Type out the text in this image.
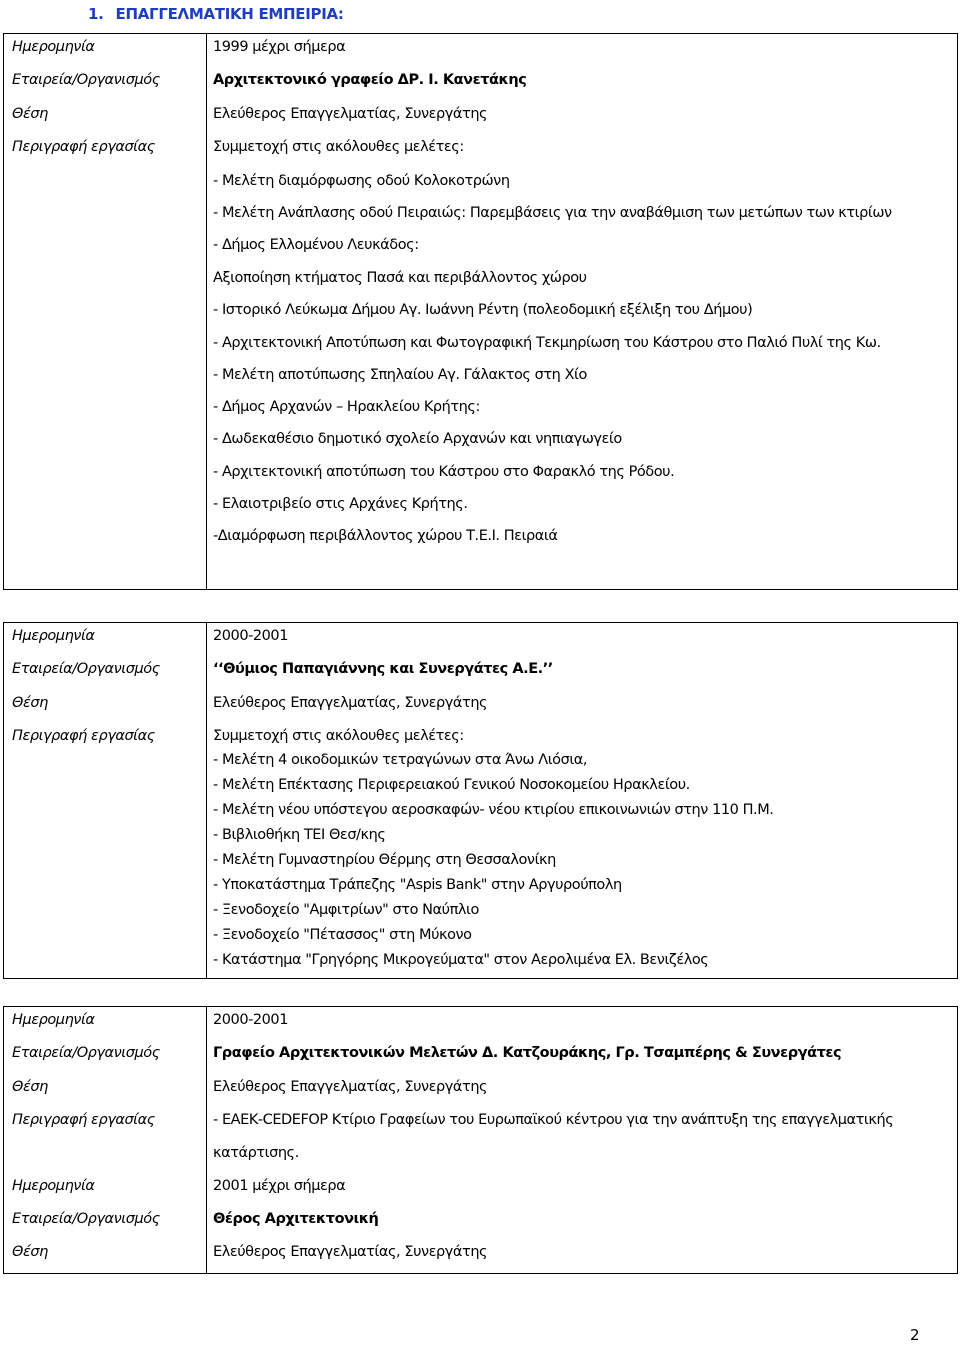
1. ΕΠΑΓΓΕΛΜΑΤΙΚΗ ΕΜΠΕΙΡΙΑ:
Ημερομηνία	1999 μέχρι σήμερα
Εταιρεία/Οργανισμός	Αρχιτεκτονικό γραφείο ΔΡ. Ι. Κανετάκης
Θέση	Ελεύθερος Επαγγελματίας, Συνεργάτης
Περιγραφή εργασίας	Συμμετοχή στις ακόλουθες μελέτες:
- Μελέτη διαμόρφωσης οδού Κολοκοτρώνη
- Μελέτη Ανάπλασης οδού Πειραιώς: Παρεμβάσεις για την αναβάθμιση των μετώπων των κτιρίων
- Δήμος Ελλομένου Λευκάδος:
Αξιοποίηση κτήματος Πασά και περιβάλλοντος χώρου
- Ιστορικό Λεύκωμα Δήμου Αγ. Ιωάννη Ρέντη (πολεοδομική εξέλιξη του Δήμου)
- Αρχιτεκτονική Αποτύπωση και Φωτογραφική Τεκμηρίωση του Κάστρου στο Παλιό Πυλί της Κω.
- Μελέτη αποτύπωσης Σπηλαίου Αγ. Γάλακτος στη Χίο
- Δήμος Αρχανών – Ηρακλείου Κρήτης:
- Δωδεκαθέσιο δημοτικό σχολείο Αρχανών και νηπιαγωγείο
- Αρχιτεκτονική αποτύπωση του Κάστρου στο Φαρακλό της Ρόδου.
- Ελαιοτριβείο στις Αρχάνες Κρήτης.
-Διαμόρφωση περιβάλλοντος χώρου Τ.Ε.Ι. Πειραιά
Ημερομηνία	2000-2001
Εταιρεία/Οργανισμός	‘‘Θύμιος Παπαγιάννης και Συνεργάτες Α.Ε.’’
Θέση	Ελεύθερος Επαγγελματίας, Συνεργάτης
Περιγραφή εργασίας	Συμμετοχή στις ακόλουθες μελέτες:
- Μελέτη 4 οικοδομικών τετραγώνων στα Άνω Λιόσια,
- Μελέτη Επέκτασης Περιφερειακού Γενικού Νοσοκομείου Ηρακλείου.
- Μελέτη νέου υπόστεγου αεροσκαφών- νέου κτιρίου επικοινωνιών στην 110 Π.Μ.
- Βιβλιοθήκη ΤΕΙ Θεσ/κης
- Μελέτη Γυμναστηρίου Θέρμης στη Θεσσαλονίκη
- Υποκατάστημα Τράπεζης "Aspis Bank" στην Αργυρούπολη
- Ξενοδοχείο "Αμφιτρίων" στο Ναύπλιο
- Ξενοδοχείο "Πέτασσος" στη Μύκονο
- Κατάστημα "Γρηγόρης Μικρογεύματα" στον Αερολιμένα Ελ. Βενιζέλος
Ημερομηνία	2000-2001
Εταιρεία/Οργανισμός	Γραφείο Αρχιτεκτονικών Μελετών Δ. Κατζουράκης, Γρ. Τσαμπέρης & Συνεργάτες
Θέση	Ελεύθερος Επαγγελματίας, Συνεργάτης
Περιγραφή εργασίας	- ΕΑΕΚ-CEDEFOP Κτίριο Γραφείων του Ευρωπαϊκού κέντρου για την ανάπτυξη της επαγγελματικής
κατάρτισης.
Ημερομηνία	2001 μέχρι σήμερα
Εταιρεία/Οργανισμός	Θέρος Αρχιτεκτονική
Θέση	Ελεύθερος Επαγγελματίας, Συνεργάτης
2
